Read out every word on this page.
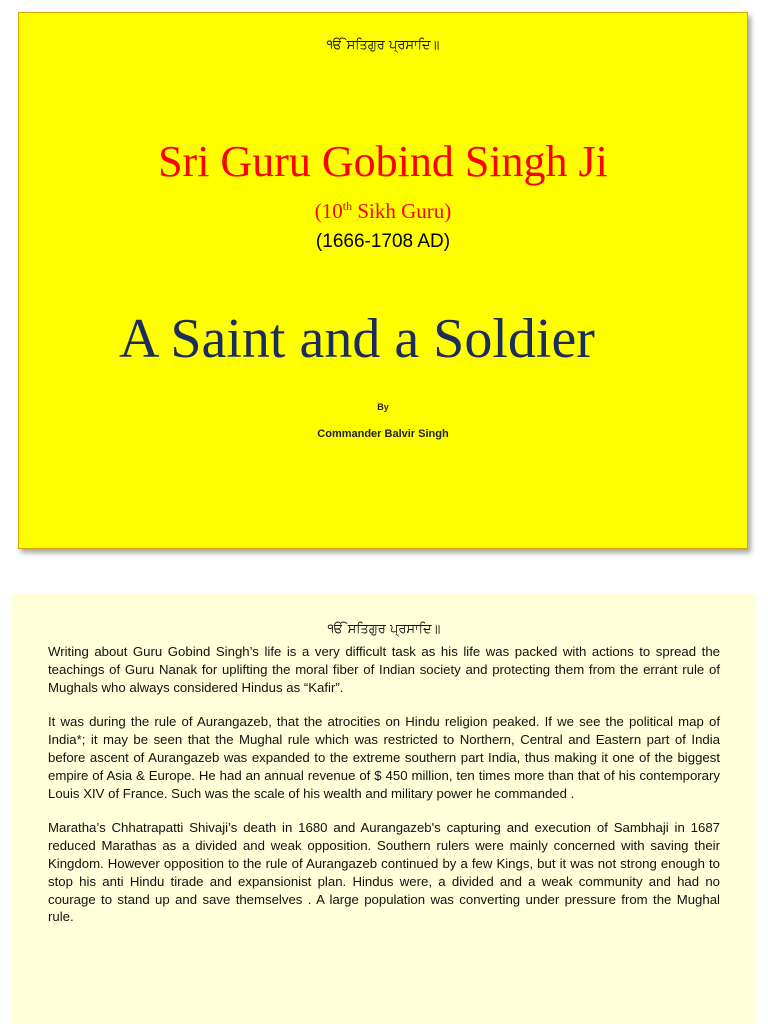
ੴ ਸਤਿਗੁਰ ਪ੍ਰਸਾਦਿ॥
Sri Guru Gobind Singh Ji
(10th Sikh Guru)
(1666-1708 AD)
A Saint and a Soldier
By
Commander Balvir Singh
ੴ ਸਤਿਗੁਰ ਪ੍ਰਸਾਦਿ॥

Writing about Guru Gobind Singh’s life is a very difficult task as his life was packed with actions to spread the teachings of Guru Nanak for uplifting the moral fiber of Indian society and protecting them from the errant rule of Mughals who always considered Hindus as “Kafir”.

It was during the rule of Aurangazeb, that the atrocities on Hindu religion peaked. If we see the political map of India*; it may be seen that the Mughal rule which was restricted to Northern, Central and Eastern part of India before ascent of Aurangazeb was expanded to the extreme southern part India, thus making it one of the biggest empire of Asia & Europe. He had an annual revenue of $ 450 million, ten times more than that of his contemporary Louis XIV of France. Such was the scale of his wealth and military power he commanded .

Maratha’s Chhatrapatti Shivaji’s death in 1680 and Aurangazeb's capturing and execution of Sambhaji in 1687 reduced Marathas as a divided and weak opposition. Southern rulers were mainly concerned with saving their Kingdom. However opposition to the rule of Aurangazeb continued by a few Kings, but it was not strong enough to stop his anti Hindu tirade and expansionist plan. Hindus were, a divided and a weak community and had no courage to stand up and save themselves . A large population was converting under pressure from the Mughal rule.
